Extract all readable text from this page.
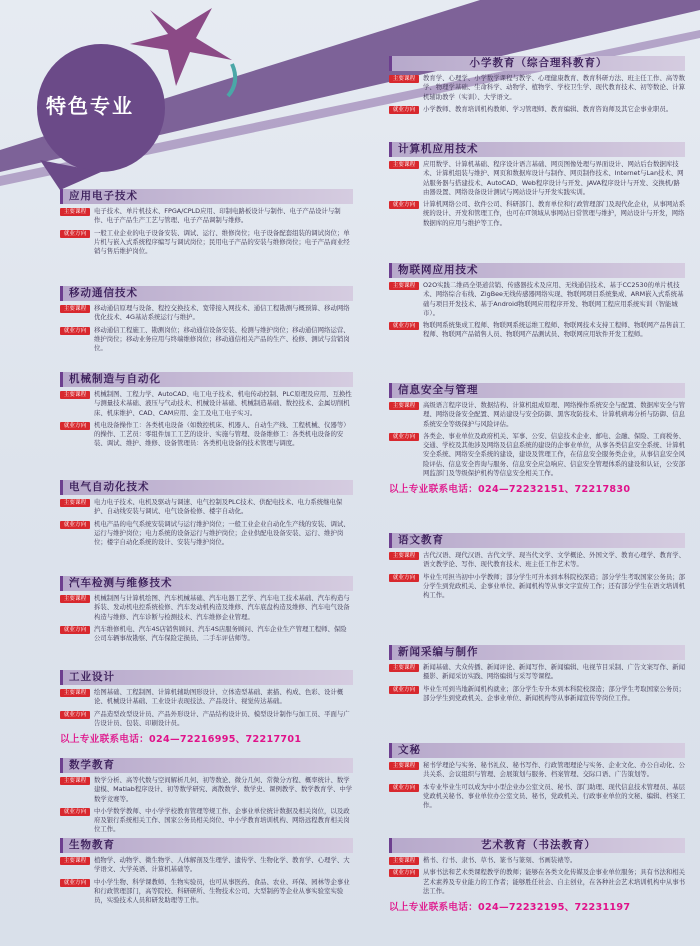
特色专业
应用电子技术
主要课程	电子技术、单片机技术、FPGA/CPLD应用、印制电路板设计与制作、电子产品设计与制作、电子产品生产工艺与管理、电子产品调制与维修。
就业方向	一般工业企业的电子设备安装、调试、运行、维修岗位；电子设备配套组装的调试岗位；单片机与嵌入式系统程序编写与调试岗位；民用电子产品的安装与维修岗位；电子产品商业经销与售后维护岗位。
移动通信技术
主要课程	移动通信原理与设备、程控交换技术、宽带接入网技术、通信工程勘测与概预算、移动网络优化技术、4G基站系统运行与维护。
就业方向	移动通信工程施工、勘测岗位；移动通信设备安装、检测与维护岗位；移动通信网络运营、维护岗位；移动业务应用与终端维修岗位；移动通信相关产品的生产、检修、测试与营销岗位。
机械制造与自动化
主要课程	机械制图、工程力学、AutoCAD、电工电子技术、机电传动控制、PLC原理及应用、互换性与测量技术基础、液压与气动技术、机械设计基础、机械制造基础、数控技术、金属切削机床、机床维护、CAD、CAM应用、金工及电工电子实习。
就业方向	机电设备操作工：各类机电设备（如数控机床、机器人、自动生产线、工程机械、仪器等）的操作、工艺员：零组件加工工艺的设计、实施与管理、设备维修工：各类机电设备的安装、调试、维护、维修、设备管理员：各类机电设备的技术管理与调度。
电气自动化技术
主要课程	电力电子技术、电机及驱动与调速、电气控制及PLC技术、供配电技术、电力系统继电保护、自动线安装与调试、电气设备检修、楼宇自动化。
就业方向	机电产品的电气系统安装调试与运行维护岗位；一般工业企业自动化生产线的安装、调试、运行与维护岗位；电力系统的设备运行与维护岗位；企业供配电设备安装、运行、维护岗位；楼宇自动化系统的设计、安装与维护岗位。
汽车检测与维修技术
主要课程	机械制图与计算机绘图、汽车机械基础、汽车电器工艺学、汽车电工技术基础、汽车构造与拆装、发动机电控系统检修、汽车发动机构造及维修、汽车底盘构造及维修、汽车电气设备构造与维修、汽车诊断与检测技术、汽车维修企业管理。
就业方向	汽车维修机电、汽车4S店销售顾问、汽车4S店服务顾问、汽车企业生产管理工程师、保险公司车辆事故勘察、汽车保险定损员、二手车评估师等。
工业设计
主要课程	绘图基础、工程制图、计算机辅助图形设计、立体造型基础、素描、构成、色彩、设计概论、机械设计基础、工业设计表现技法、产品设计、视觉传达基础。
就业方向	产品造型改型设计员、产品外形设计、产品结构设计员、模型设计制作与加工员、平面与广告设计员、包装、印刷设计员。
以上专业联系电话：024—72216995、72217701
数学教育
主要课程	数学分析、高等代数与空间解析几何、初等数论、微分几何、常微分方程、概率统计、数学建模、Matlab程序设计、初等数学研究、离散数学、数学史、课例教学、数学教育学、中学数学竞赛等。
就业方向	中小学数学教师、中小学学校教育管理等规工作、企事业单位统计数据及相关岗位，以及政府及银行系统相关工作、国家公务员相关岗位、中小学教育培训机构、网络远程教育相关岗位工作。
生物教育
主要课程	植物学、动物学、微生物学、人体解剖及生理学、遗传学、生物化学、教育学、心理学、大学语文、大学英语、计算机基础等。
就业方向	中小学生物、科学课教师、生物实验员，也可从事医药、食品、农业、环保、园林等企事业和行政管理部门，高等院校、科研研所、生物技术公司、大型制药等企业从事实验室实验员，实验技术人员和研发助理等工作。
小学教育（综合理科教育）
主要课程	教育学、心理学、小学数学课程与教学、心理健康教育、教育科研方法、班主任工作、高等数学、物理学基础、生命科学、动物学、植物学、学校卫生学、现代教育技术、初等数论、计算机辅助教学（实训）、大学语文。
就业方向	小学教师、教育培训机构教师、学习管理师、教育编辑、教育咨询师及其它企事业职员。
计算机应用技术
主要课程	应用数学、计算机基础、程序设计语言基础、网页图像处理与界面设计、网站后台数据库技术、计算机组装与维护、网页和数据库设计与制作、网页制作技术、Internet与Lan技术、网站服务器与搭建技术、AutoCAD、Web程序设计与开发、JAVA程序设计与开发、交换机/路由器设置、网络设备设计测试与网站设计与开发实践实训。
就业方向	计算机网络公司、软件公司、科研部门、教育单位和行政管理部门及现代化企业，从事网站系统的设计、开发和管理工作，也可在IT领域从事网站日常管理与维护，网站设计与开发，网络数据库的应用与维护等工作。
物联网应用技术
主要课程	O2O实践二维码全渠道营销、传感器技术及应用、无线通信技术、基于CC2530的单片机技术、网络综合布线、ZigBee无线传感器网络实现、物联网项目系统集成、ARM嵌入式系统基础与项目开发技术、基于Android物联网应用程序开发、物联网工程应用系统实训（智能城市）。
就业方向	物联网系统集成工程师、物联网系统运维工程师、物联网技术支持工程师、物联网产品售前工程师、物联网产品销售人员、物联网产品测试员、物联网应用软件开发工程师。
信息安全与管理
主要课程	高级语言程序设计、数据结构、计算机组成原理、网络操作系统安全与配置、数据库安全与管理、网络设备安全配置、网站建设与安全防御、黑客攻防技术、计算机病毒分析与防御、信息系统安全等级保护与风险评估。
就业方向	各类企、事业单位及政府机关、军事、公安、信息技术企业、邮电、金融、保险、工商税务、交通、学校及其他涉及网络及信息系统的建设的企事业单位，从事各类信息安全系统、计算机安全系统、网络安全系统的建设，建设及管理工作，在信息安全服务类企业，从事信息安全风险评估、信息安全咨询与服务、信息安全应急响应、信息安全管理体系的建设和认证，公安部网监部门及等级保护机构等信息安全相关工作。
以上专业联系电话：024—72232151、72217830
语文教育
主要课程	古代汉语、现代汉语、古代文学、现当代文学、文学概论、外国文学、教育心理学、教育学、语文教学论、写作、现代教育技术、班主任工作艺术等。
就业方向	毕业生可担当初中小学教师；部分学生可升本到本科院校深造；部分学生考取国家公务员；部分学生到党政机关、企事业单位、新闻机构等从事文字宣传工作；还有部分学生在语文培训机构工作。
新闻采编与制作
主要课程	新闻基础、大众传播、新闻评论、新闻写作、新闻编辑、电视节目采制、广告文案写作、新闻摄影、新闻采访实践、网络编辑与采写等课程。
就业方向	毕业生可到当地新闻机构就业；部分学生专升本到本科院校深造；部分学生考取国家公务员；部分学生到党政机关、企事业单位、新闻机构等从事新闻宣传等岗位工作。
文秘
主要课程	秘书学理论与实务、秘书礼仪、秘书写作、行政管理理论与实务、企业文化、办公自动化、公共关系、会议组织与管理、会展策划与服务、档案管理、交际口语、广告策划等。
就业方向	本专业毕业生可以成为中小型企业办公室文员、秘书、部门助理、现代信息技术管理员、基层党政机关秘书、事业单位办公室文员、秘书，党政机关、行政事业单位的文秘、编辑、档案工作。
艺术教育（书法教育）
主要课程	楷书、行书、隶书、草书、篆书与篆刻、书画装裱等。
就业方向	从事书法和艺术类课程教学的教师；能够在各类文化传媒及企事业单位服务；具有书法和相关艺术素养及专业能力的工作者；能够胜任社会、自主创业，在各种社会艺术培训机构中从事书法工作。
以上专业联系电话：024—72232195、72231197
